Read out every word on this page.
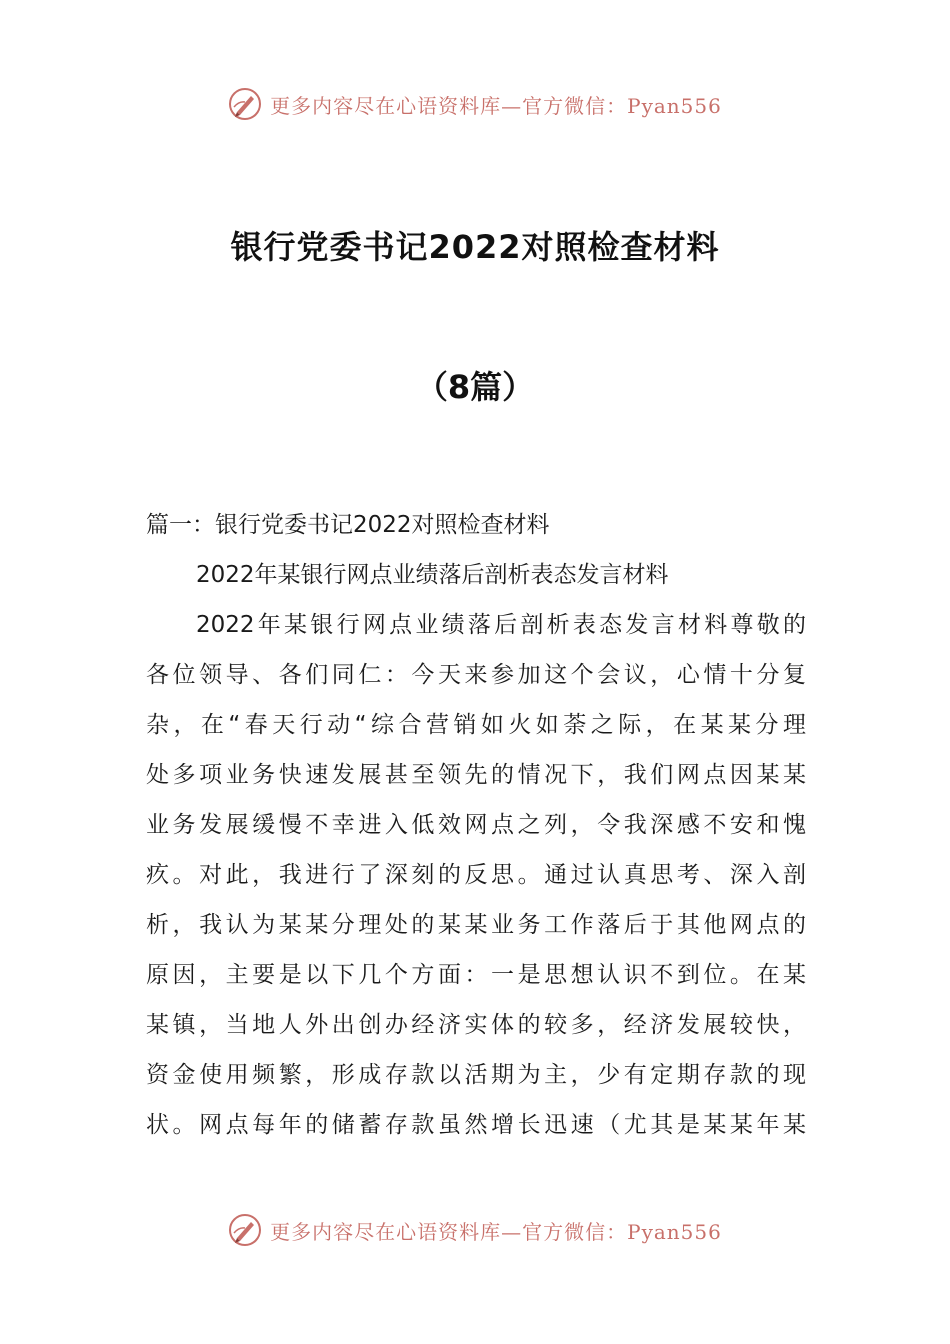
更多内容尽在心语资料库—官方微信：Pyan556
银行党委书记2022对照检查材料
（8篇）
篇一：银行党委书记2022对照检查材料
2022年某银行网点业绩落后剖析表态发言材料
2022年某银行网点业绩落后剖析表态发言材料尊敬的
各位领导、各们同仁：今天来参加这个会议，心情十分复
杂，在“春天行动“综合营销如火如荼之际，在某某分理
处多项业务快速发展甚至领先的情况下，我们网点因某某
业务发展缓慢不幸进入低效网点之列，令我深感不安和愧
疚。对此，我进行了深刻的反思。通过认真思考、深入剖
析，我认为某某分理处的某某业务工作落后于其他网点的
原因，主要是以下几个方面：一是思想认识不到位。在某
某镇，当地人外出创办经济实体的较多，经济发展较快，
资金使用频繁，形成存款以活期为主，少有定期存款的现
状。网点每年的储蓄存款虽然增长迅速（尤其是某某年某
更多内容尽在心语资料库—官方微信：Pyan556
